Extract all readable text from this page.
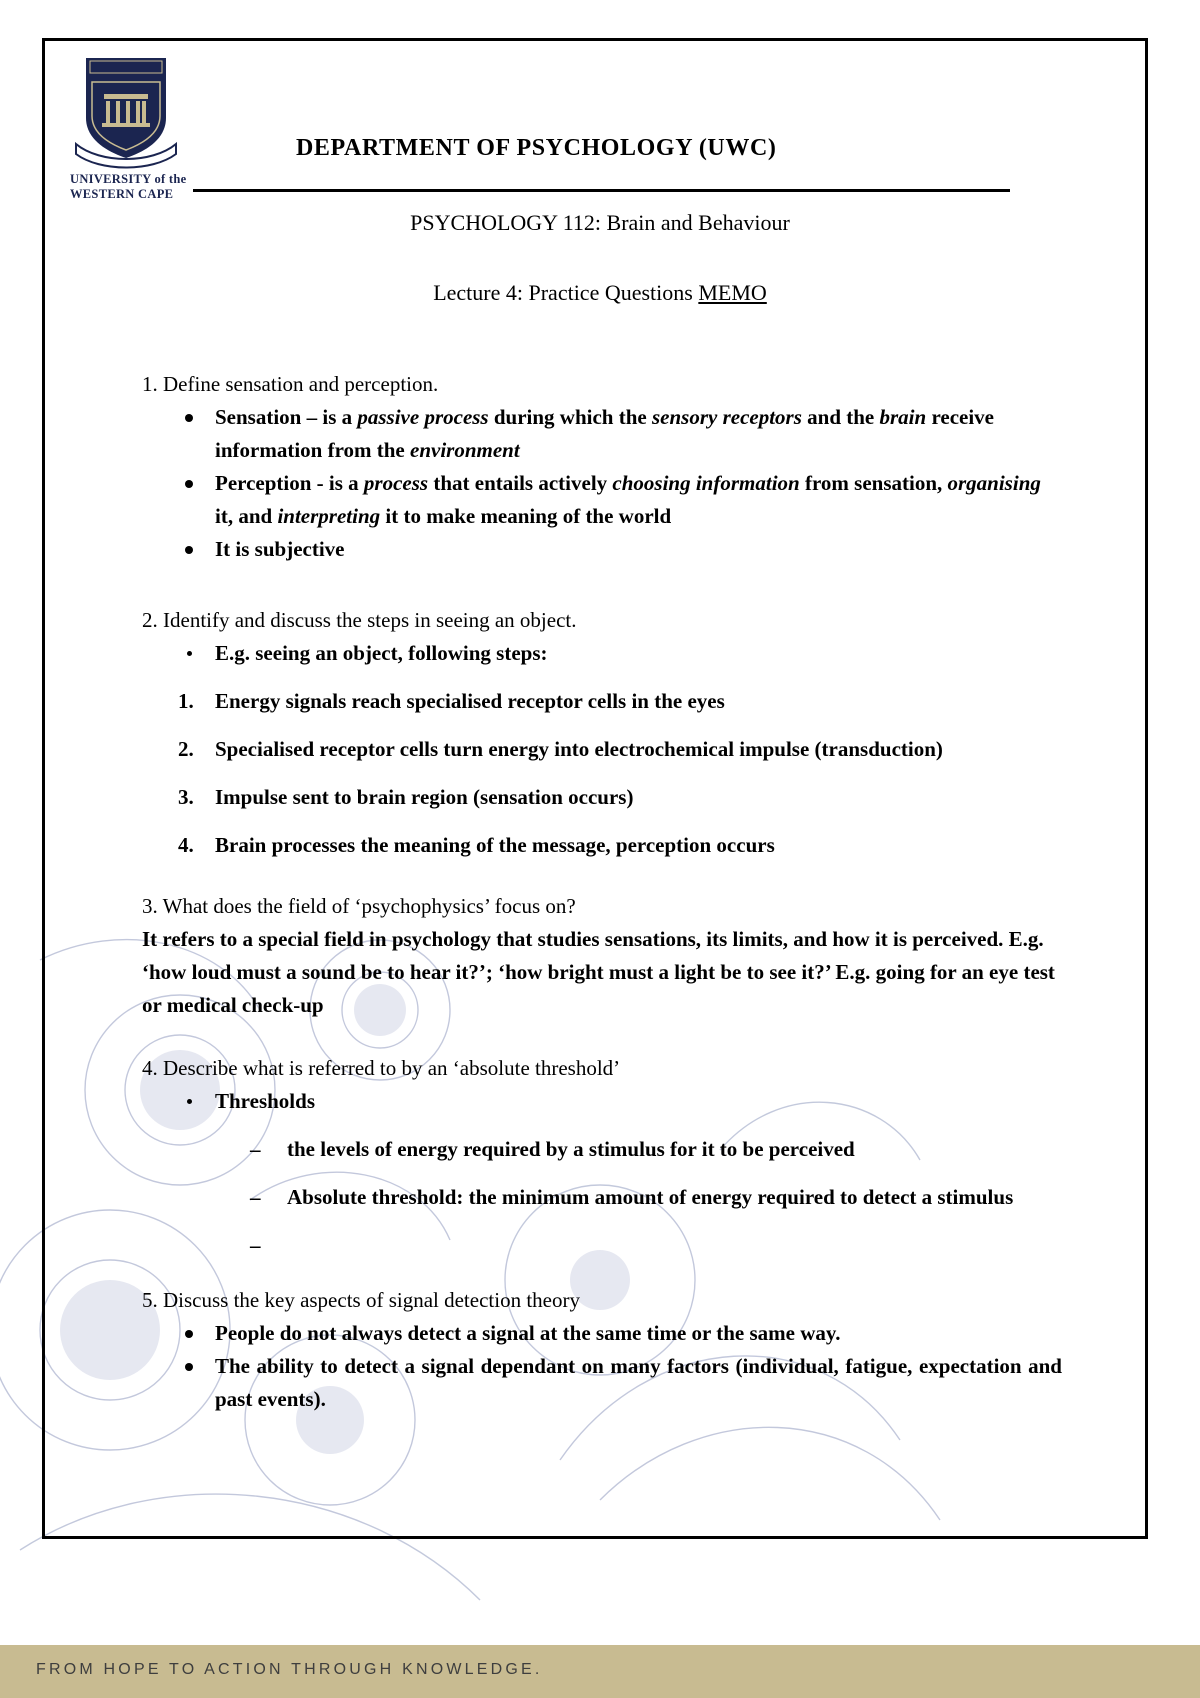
UNIVERSITY of the
WESTERN CAPE
DEPARTMENT OF PSYCHOLOGY (UWC)
PSYCHOLOGY 112: Brain and Behaviour
Lecture 4: Practice Questions MEMO
1. Define sensation and perception.
Sensation – is a passive process during which the sensory receptors and the brain receive information from the environment
Perception - is a process that entails actively choosing information from sensation, organising it, and interpreting it to make meaning of the world
It is subjective
2. Identify and discuss the steps in seeing an object.
E.g. seeing an object, following steps:
1. Energy signals reach specialised receptor cells in the eyes
2. Specialised receptor cells turn energy into electrochemical impulse (transduction)
3. Impulse sent to brain region (sensation occurs)
4. Brain processes the meaning of the message, perception occurs
3. What does the field of ‘psychophysics’ focus on?
It refers to a special field in psychology that studies sensations, its limits, and how it is perceived. E.g. ‘how loud must a sound be to hear it?’; ‘how bright must a light be to see it?’ E.g. going for an eye test or medical check-up
4. Describe what is referred to by an ‘absolute threshold’
Thresholds
– the levels of energy required by a stimulus for it to be perceived
– Absolute threshold: the minimum amount of energy required to detect a stimulus
–
5. Discuss the key aspects of signal detection theory
People do not always detect a signal at the same time or the same way.
The ability to detect a signal dependant on many factors (individual, fatigue, expectation and past events).
FROM HOPE TO ACTION THROUGH KNOWLEDGE.
